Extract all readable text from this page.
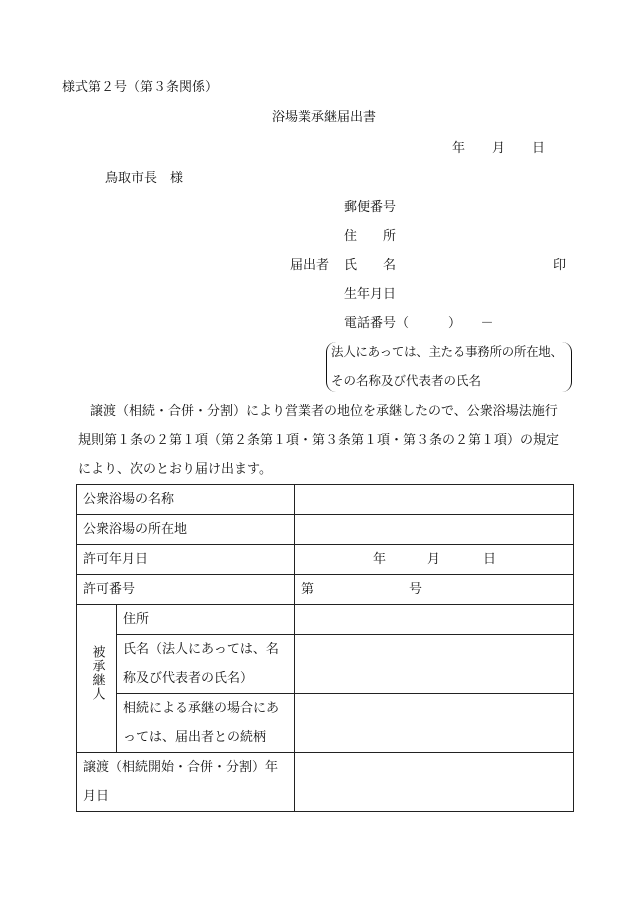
様式第２号（第３条関係）
浴場業承継届出書
年 月 日
鳥取市長　様
郵便番号
住　　所
届出者 氏　　名	印
生年月日
電話番号（　　　）　　－
法人にあっては、主たる事務所の所在地、
その名称及び代表者の氏名
譲渡（相続・合併・分割）により営業者の地位を承継したので、公衆浴場法施行
規則第１条の２第１項（第２条第１項・第３条第１項・第３条の２第１項）の規定
により、次のとおり届け出ます。
公衆浴場の名称		
公衆浴場の所在地		
許可年月日		年 月 日

許可番号		第 号

被承継人	住所	
	氏名（法人にあっては、名	
	称及び代表者の氏名）	
	相続による承継の場合にあ	
	っては、届出者との続柄	
譲渡（相続開始・合併・分割）年		
月日		
